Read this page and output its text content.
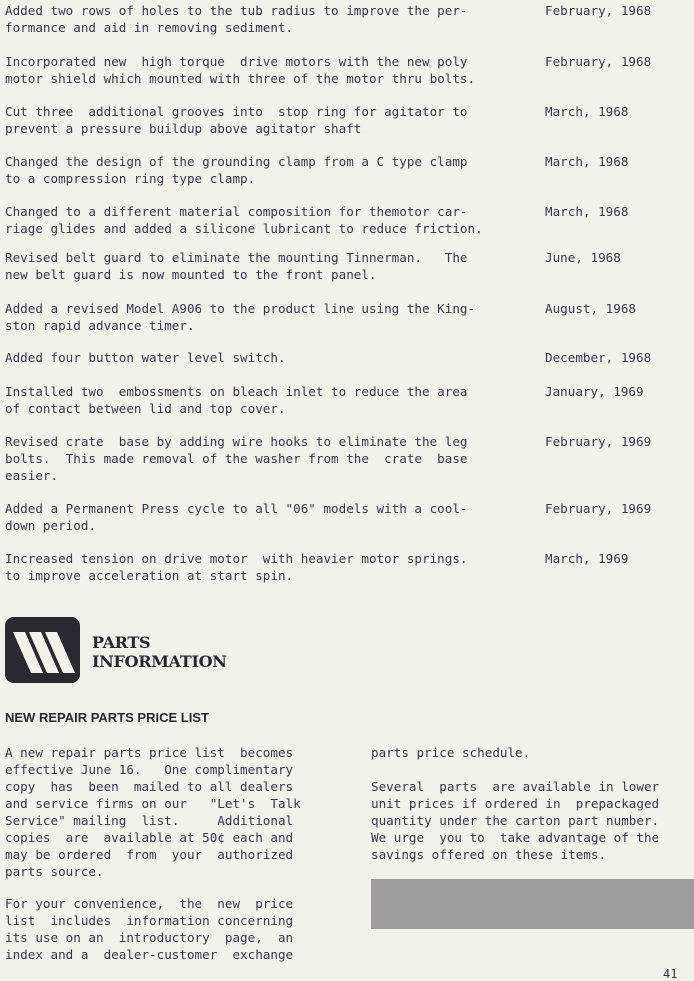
Added two rows of holes to the tub radius to improve the per-
formance and aid in removing sediment.
February, 1968
Incorporated new  high torque  drive motors with the new poly
motor shield which mounted with three of the motor thru bolts.
February, 1968
Cut three  additional grooves into  stop ring for agitator to
prevent a pressure buildup above agitator shaft
March, 1968
Changed the design of the grounding clamp from a C type clamp
to a compression ring type clamp.
March, 1968
Changed to a different material composition for themotor car-
riage glides and added a silicone lubricant to reduce friction.
March, 1968
Revised belt guard to eliminate the mounting Tinnerman.   The
new belt guard is now mounted to the front panel.
June, 1968
Added a revised Model A906 to the product line using the King-
ston rapid advance timer.
August, 1968
Added four button water level switch.	December, 1968
Installed two  embossments on bleach inlet to reduce the area
of contact between lid and top cover.
January, 1969
Revised crate  base by adding wire hooks to eliminate the leg
bolts.  This made removal of the washer from the  crate  base
easier.
February, 1969
Added a Permanent Press cycle to all "06" models with a cool-
down period.
February, 1969
Increased tension on drive motor  with heavier motor springs.
to improve acceleration at start spin.
March, 1969
PARTS
INFORMATION
NEW REPAIR PARTS PRICE LIST
A new repair parts price list  becomes
effective June 16.   One complimentary
copy  has  been  mailed to all dealers
and service firms on our   "Let's  Talk
Service" mailing  list.     Additional
copies  are  available at 50¢ each and
may be ordered  from  your  authorized
parts source.
For your convenience,  the  new  price
list  includes  information concerning
its use on an  introductory  page,  an
index and a  dealer-customer  exchange
parts price schedule.
Several  parts  are available in lower
unit prices if ordered in  prepackaged
quantity under the carton part number.
We urge  you to  take advantage of the
savings offered on these items.
41
